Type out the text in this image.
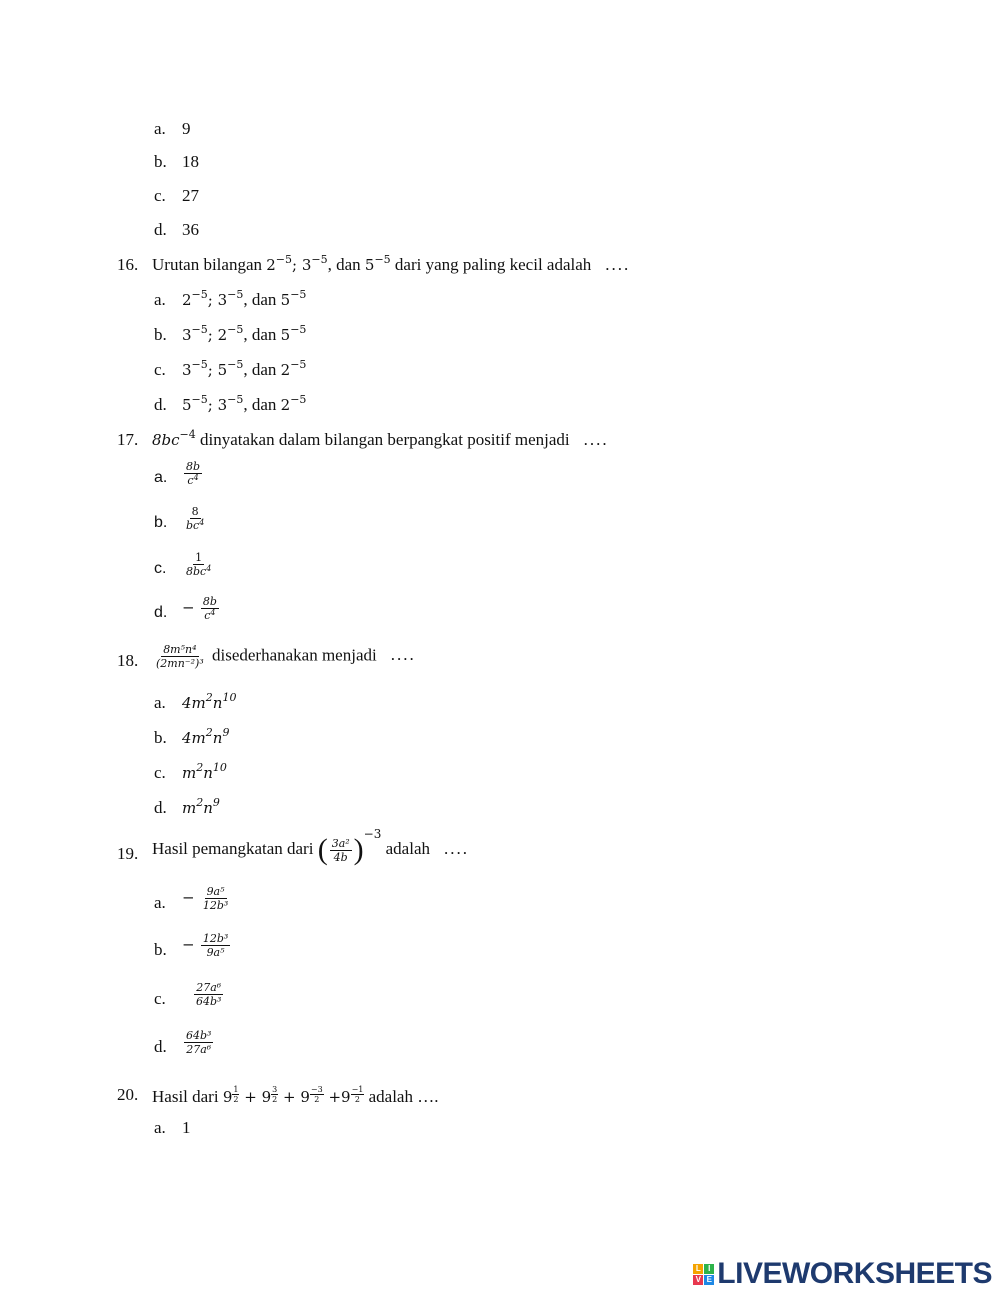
a. 9
b. 18
c. 27
d. 36
16. Urutan bilangan $2^{-5}$; $3^{-5}$, dan $5^{-5}$ dari yang paling kecil adalah ....
a. $2^{-5}$; $3^{-5}$, dan $5^{-5}$
b. $3^{-5}$; $2^{-5}$, dan $5^{-5}$
c. $3^{-5}$; $5^{-5}$, dan $2^{-5}$
d. $5^{-5}$; $3^{-5}$, dan $2^{-5}$
17. $8bc^{-4}$ dinyatakan dalam bilangan berpangkat positif menjadi ....
a. $\frac{8b}{c^4}$
b. $\frac{8}{bc^4}$
c. $\frac{1}{8bc^4}$
d. − $\frac{8b}{c^4}$
18. $\frac{\text{8m⁵n⁴}}{\text{(2mn⁻²)³}}$ disederhanakan menjadi ....
a. $4m^2n^{10}$
b. $4m^2n^9$
c. $m^2n^{10}$
d. $m^2n^9$
19. Hasil pemangkatan dari ( $\frac{\text{3a²}}{4b} )^{-3}$ adalah ....
a. − $\frac{\text{9a⁵}}{\text{12b³}}$
b. − $\frac{\text{12b³}}{\text{9a⁵}}$
c.	$\frac{\text{27a⁶}}{\text{64b³}}$
d. $\frac{\text{64b³}}{\text{27a⁶}}$
20. Hasil dari $9 \frac{1}{2} + 9 \frac{3}{2} + 9 \frac{-3}{2} +9 \frac{-1}{2}$ adalah ….
a. 1
L I
V E LIVEWORKSHEETS
